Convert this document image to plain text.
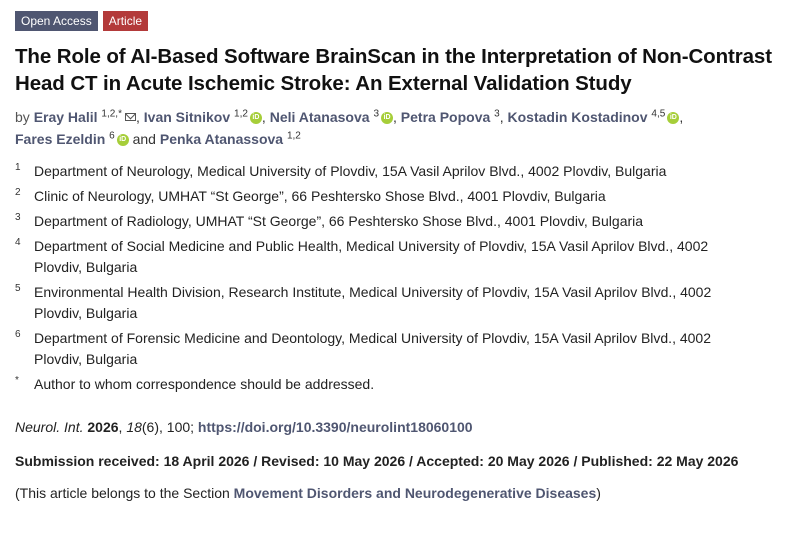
Open Access	Article
The Role of AI-Based Software BrainScan in the Interpretation of Non-Contrast Head CT in Acute Ischemic Stroke: An External Validation Study
by Eray Halil $^{1,2,*}$ , Ivan Sitnikov $^{1,2}$ iD , Neli Atanasova $^3$ iD , Petra Popova $^3$, Kostadin Kostadinov $^{4,5}$ iD ,
Fares Ezeldin $^6$ iD and Penka Atanassova $^{1,2}$
1 Department of Neurology, Medical University of Plovdiv, 15A Vasil Aprilov Blvd., 4002 Plovdiv, Bulgaria
2 Clinic of Neurology, UMHAT “St George”, 66 Peshtersko Shose Blvd., 4001 Plovdiv, Bulgaria
3 Department of Radiology, UMHAT “St George”, 66 Peshtersko Shose Blvd., 4001 Plovdiv, Bulgaria
4 Department of Social Medicine and Public Health, Medical University of Plovdiv, 15A Vasil Aprilov Blvd., 4002 Plovdiv, Bulgaria
5 Environmental Health Division, Research Institute, Medical University of Plovdiv, 15A Vasil Aprilov Blvd., 4002 Plovdiv, Bulgaria
6 Department of Forensic Medicine and Deontology, Medical University of Plovdiv, 15A Vasil Aprilov Blvd., 4002 Plovdiv, Bulgaria
*	Author to whom correspondence should be addressed.
Neurol. Int. 2026, 18(6), 100; https://doi.org/10.3390/neurolint18060100
Submission received: 18 April 2026 / Revised: 10 May 2026 / Accepted: 20 May 2026 / Published: 22 May 2026
(This article belongs to the Section Movement Disorders and Neurodegenerative Diseases)
